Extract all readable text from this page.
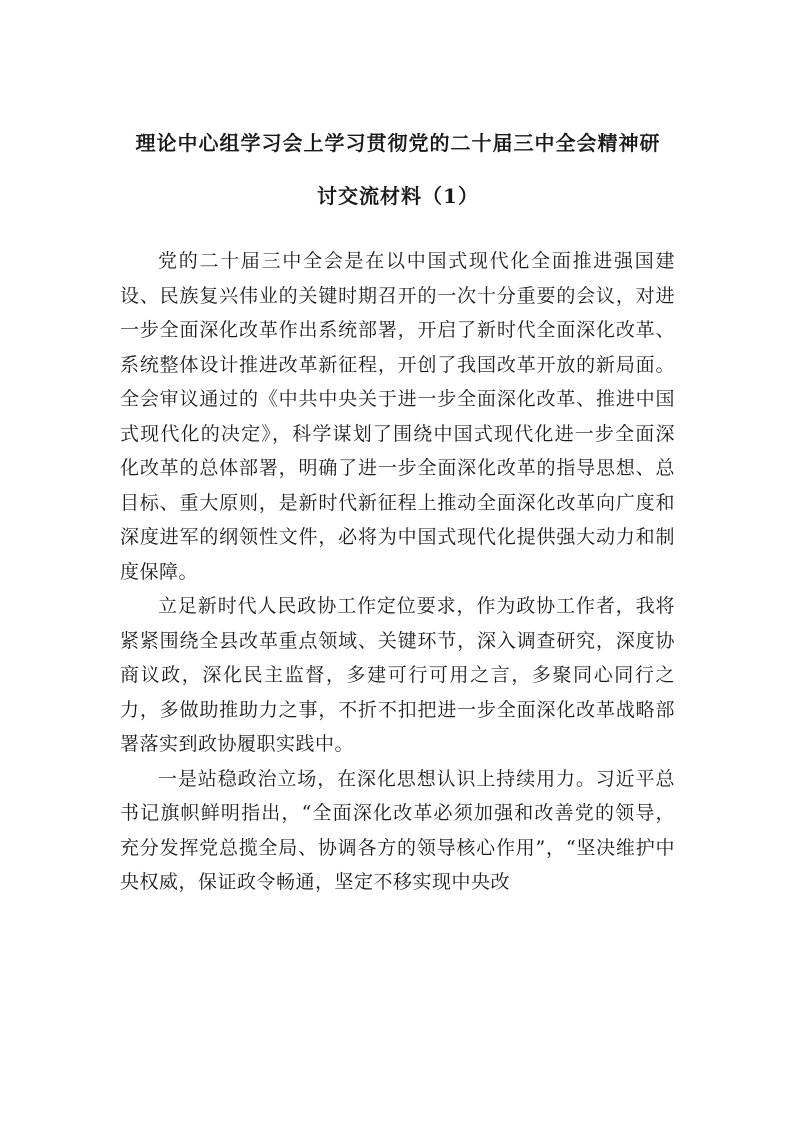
理论中心组学习会上学习贯彻党的二十届三中全会精神研
讨交流材料（1）

党的二十届三中全会是在以中国式现代化全面推进强国建设、民族复兴伟业的关键时期召开的一次十分重要的会议，对进一步全面深化改革作出系统部署，开启了新时代全面深化改革、系统整体设计推进改革新征程，开创了我国改革开放的新局面。全会审议通过的《中共中央关于进一步全面深化改革、推进中国式现代化的决定》，科学谋划了围绕中国式现代化进一步全面深化改革的总体部署，明确了进一步全面深化改革的指导思想、总目标、重大原则，是新时代新征程上推动全面深化改革向广度和深度进军的纲领性文件，必将为中国式现代化提供强大动力和制度保障。

立足新时代人民政协工作定位要求，作为政协工作者，我将紧紧围绕全县改革重点领域、关键环节，深入调查研究，深度协商议政，深化民主监督，多建可行可用之言，多聚同心同行之力，多做助推助力之事，不折不扣把进一步全面深化改革战略部署落实到政协履职实践中。

一是站稳政治立场，在深化思想认识上持续用力。习近平总书记旗帜鲜明指出，“全面深化改革必须加强和改善党的领导，充分发挥党总揽全局、协调各方的领导核心作用”，“坚决维护中央权威，保证政令畅通，坚定不移实现中央改
